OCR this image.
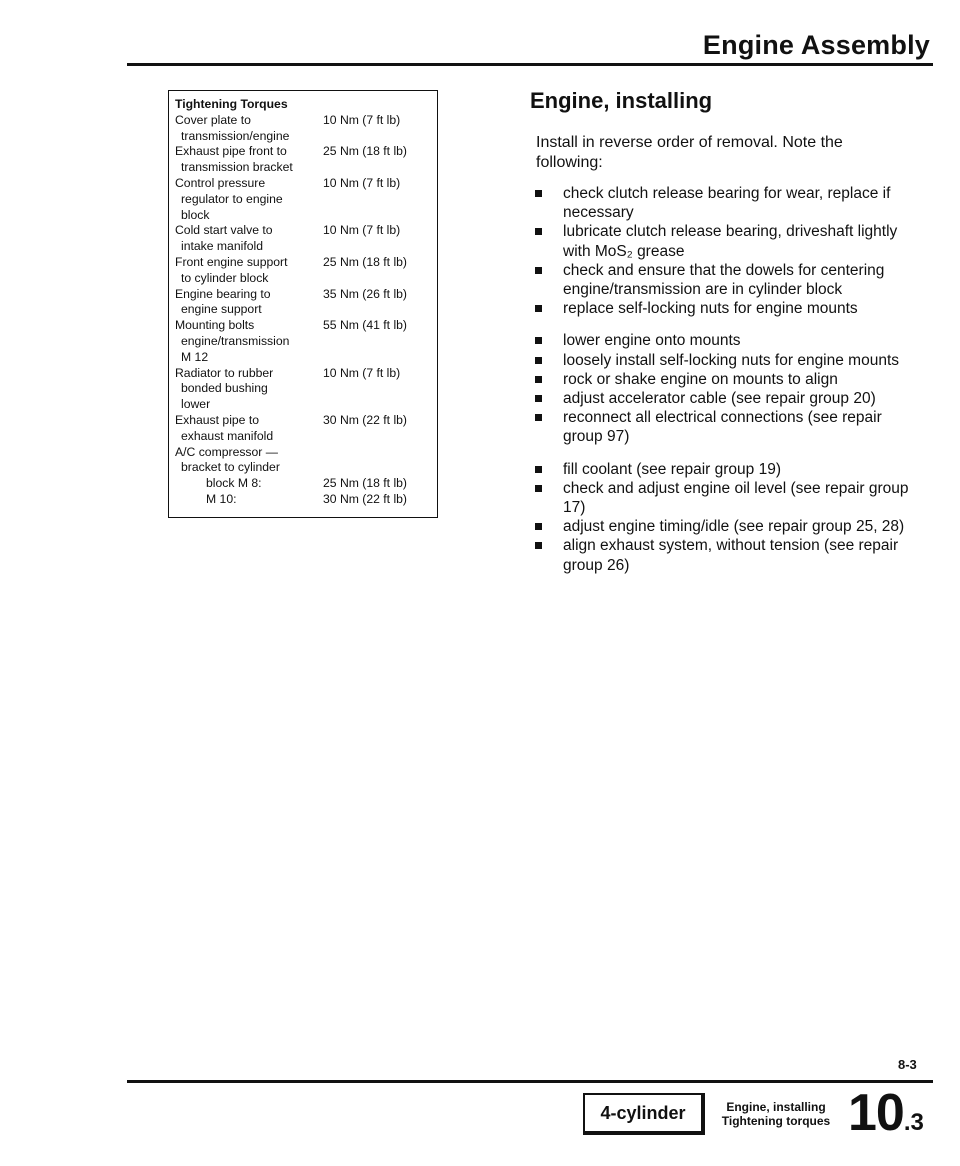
Engine Assembly
Tightening Torques
Cover plate to
transmission/engine
10 Nm (7 ft lb)
Exhaust pipe front to
transmission bracket
25 Nm (18 ft lb)
Control pressure
regulator to engine
block
10 Nm (7 ft lb)
Cold start valve to
intake manifold
10 Nm (7 ft lb)
Front engine support
to cylinder block
25 Nm (18 ft lb)
Engine bearing to
engine support
35 Nm (26 ft lb)
Mounting bolts
engine/transmission
M 12
55 Nm (41 ft lb)
Radiator to rubber
bonded bushing
lower
10 Nm (7 ft lb)
Exhaust pipe to
exhaust manifold
30 Nm (22 ft lb)
A/C compressor —
bracket to cylinder
block M 8:	25 Nm (18 ft lb)
M 10:	30 Nm (22 ft lb)
Engine, installing
Install in reverse order of removal. Note the following:
check clutch release bearing for wear, replace if necessary
lubricate clutch release bearing, driveshaft lightly with MoS₂ grease
check and ensure that the dowels for centering engine/transmission are in cylinder block
replace self-locking nuts for engine mounts
lower engine onto mounts
loosely install self-locking nuts for engine mounts
rock or shake engine on mounts to align
adjust accelerator cable (see repair group 20)
reconnect all electrical connections (see repair group 97)
fill coolant (see repair group 19)
check and adjust engine oil level (see repair group 17)
adjust engine timing/idle (see repair group 25, 28)
align exhaust system, without tension (see repair group 26)
8-3
4-cylinder	Engine, installing
Tightening torques 10.3
